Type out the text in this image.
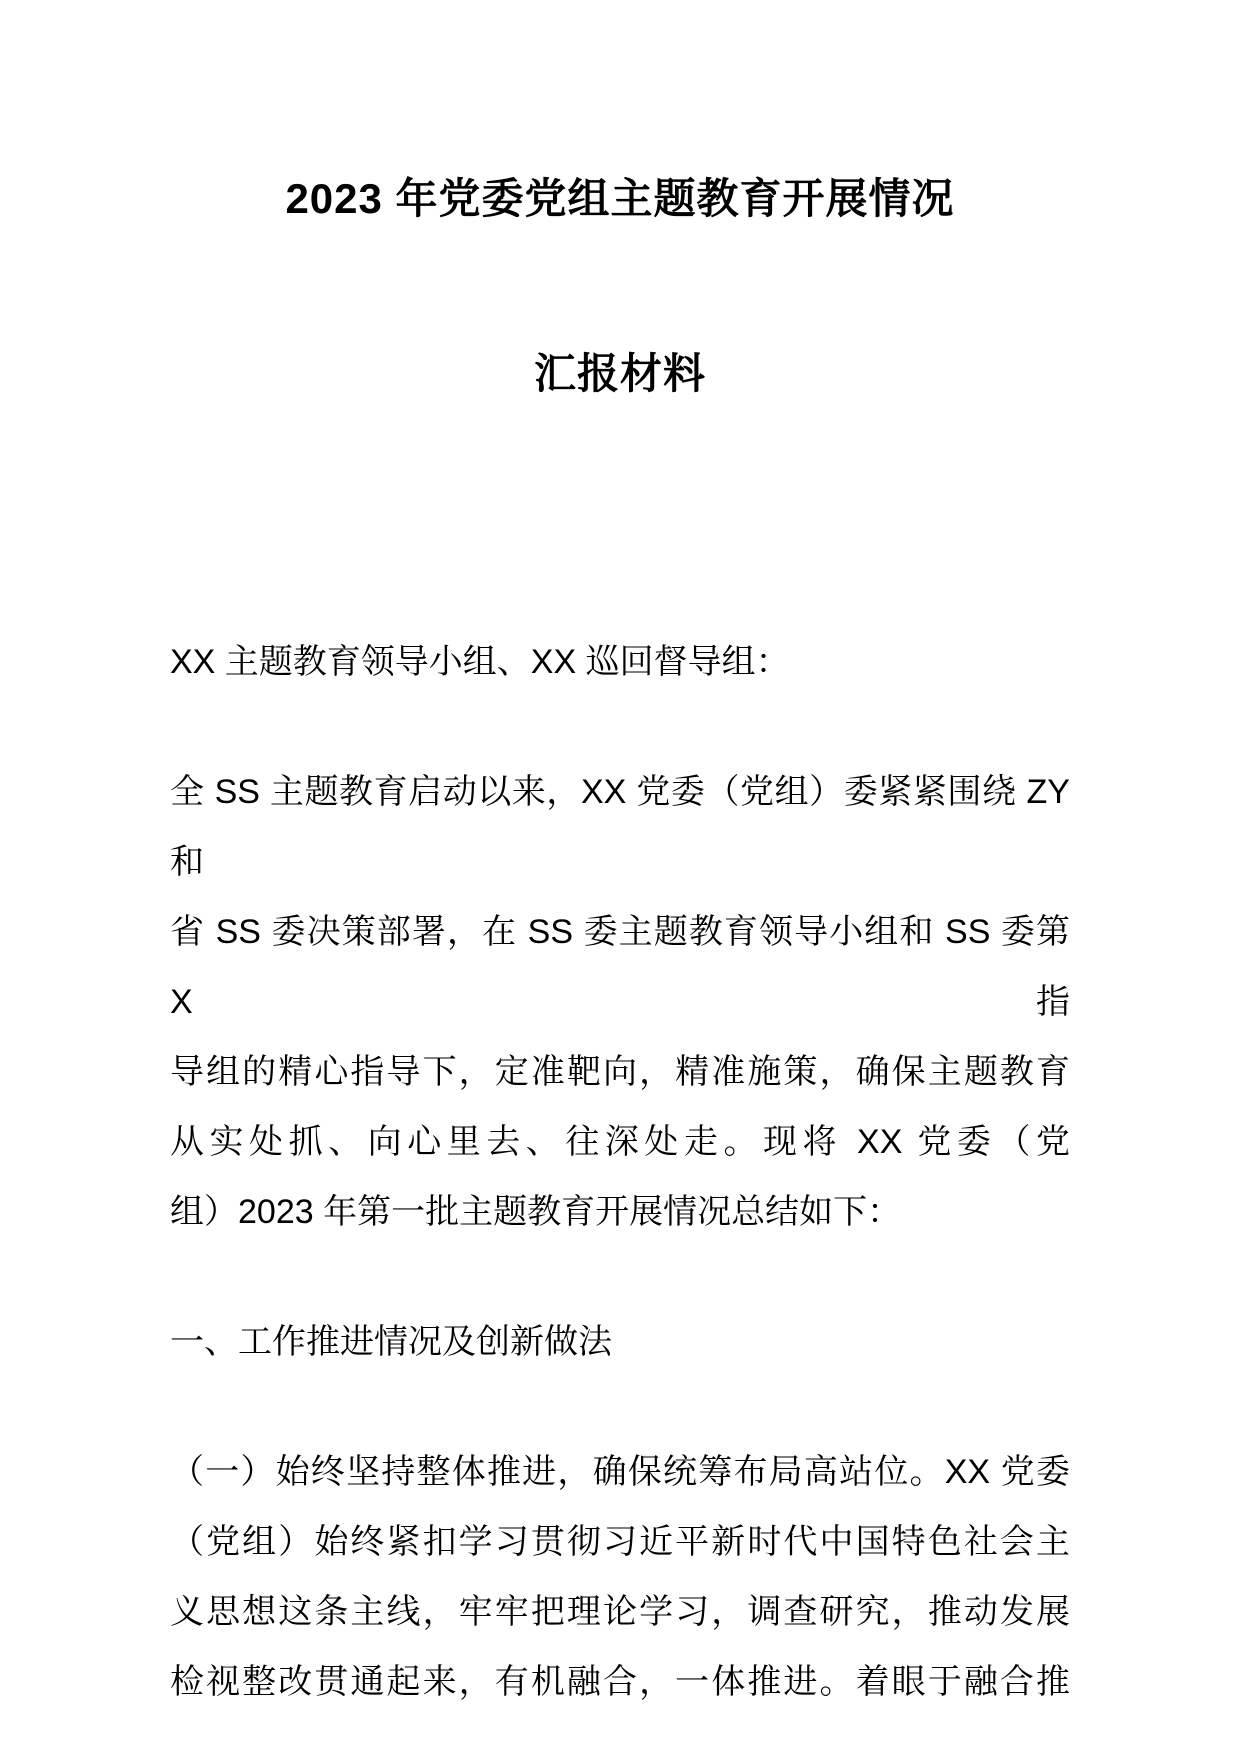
2023 年党委党组主题教育开展情况
汇报材料
XX 主题教育领导小组、XX 巡回督导组：
全 SS 主题教育启动以来，XX 党委（党组）委紧紧围绕 ZY 和
省 SS 委决策部署，在 SS 委主题教育领导小组和 SS 委第 X 指
导组的精心指导下，定准靶向，精准施策，确保主题教育
从实处抓、向心里去、往深处走。现将 XX 党委（党
组）2023 年第一批主题教育开展情况总结如下：
一、工作推进情况及创新做法
（一）始终坚持整体推进，确保统筹布局高站位。XX 党委
（党组）始终紧扣学习贯彻习近平新时代中国特色社会主
义思想这条主线，牢牢把理论学习，调查研究，推动发展
检视整改贯通起来，有机融合，一体推进。着眼于融合推
